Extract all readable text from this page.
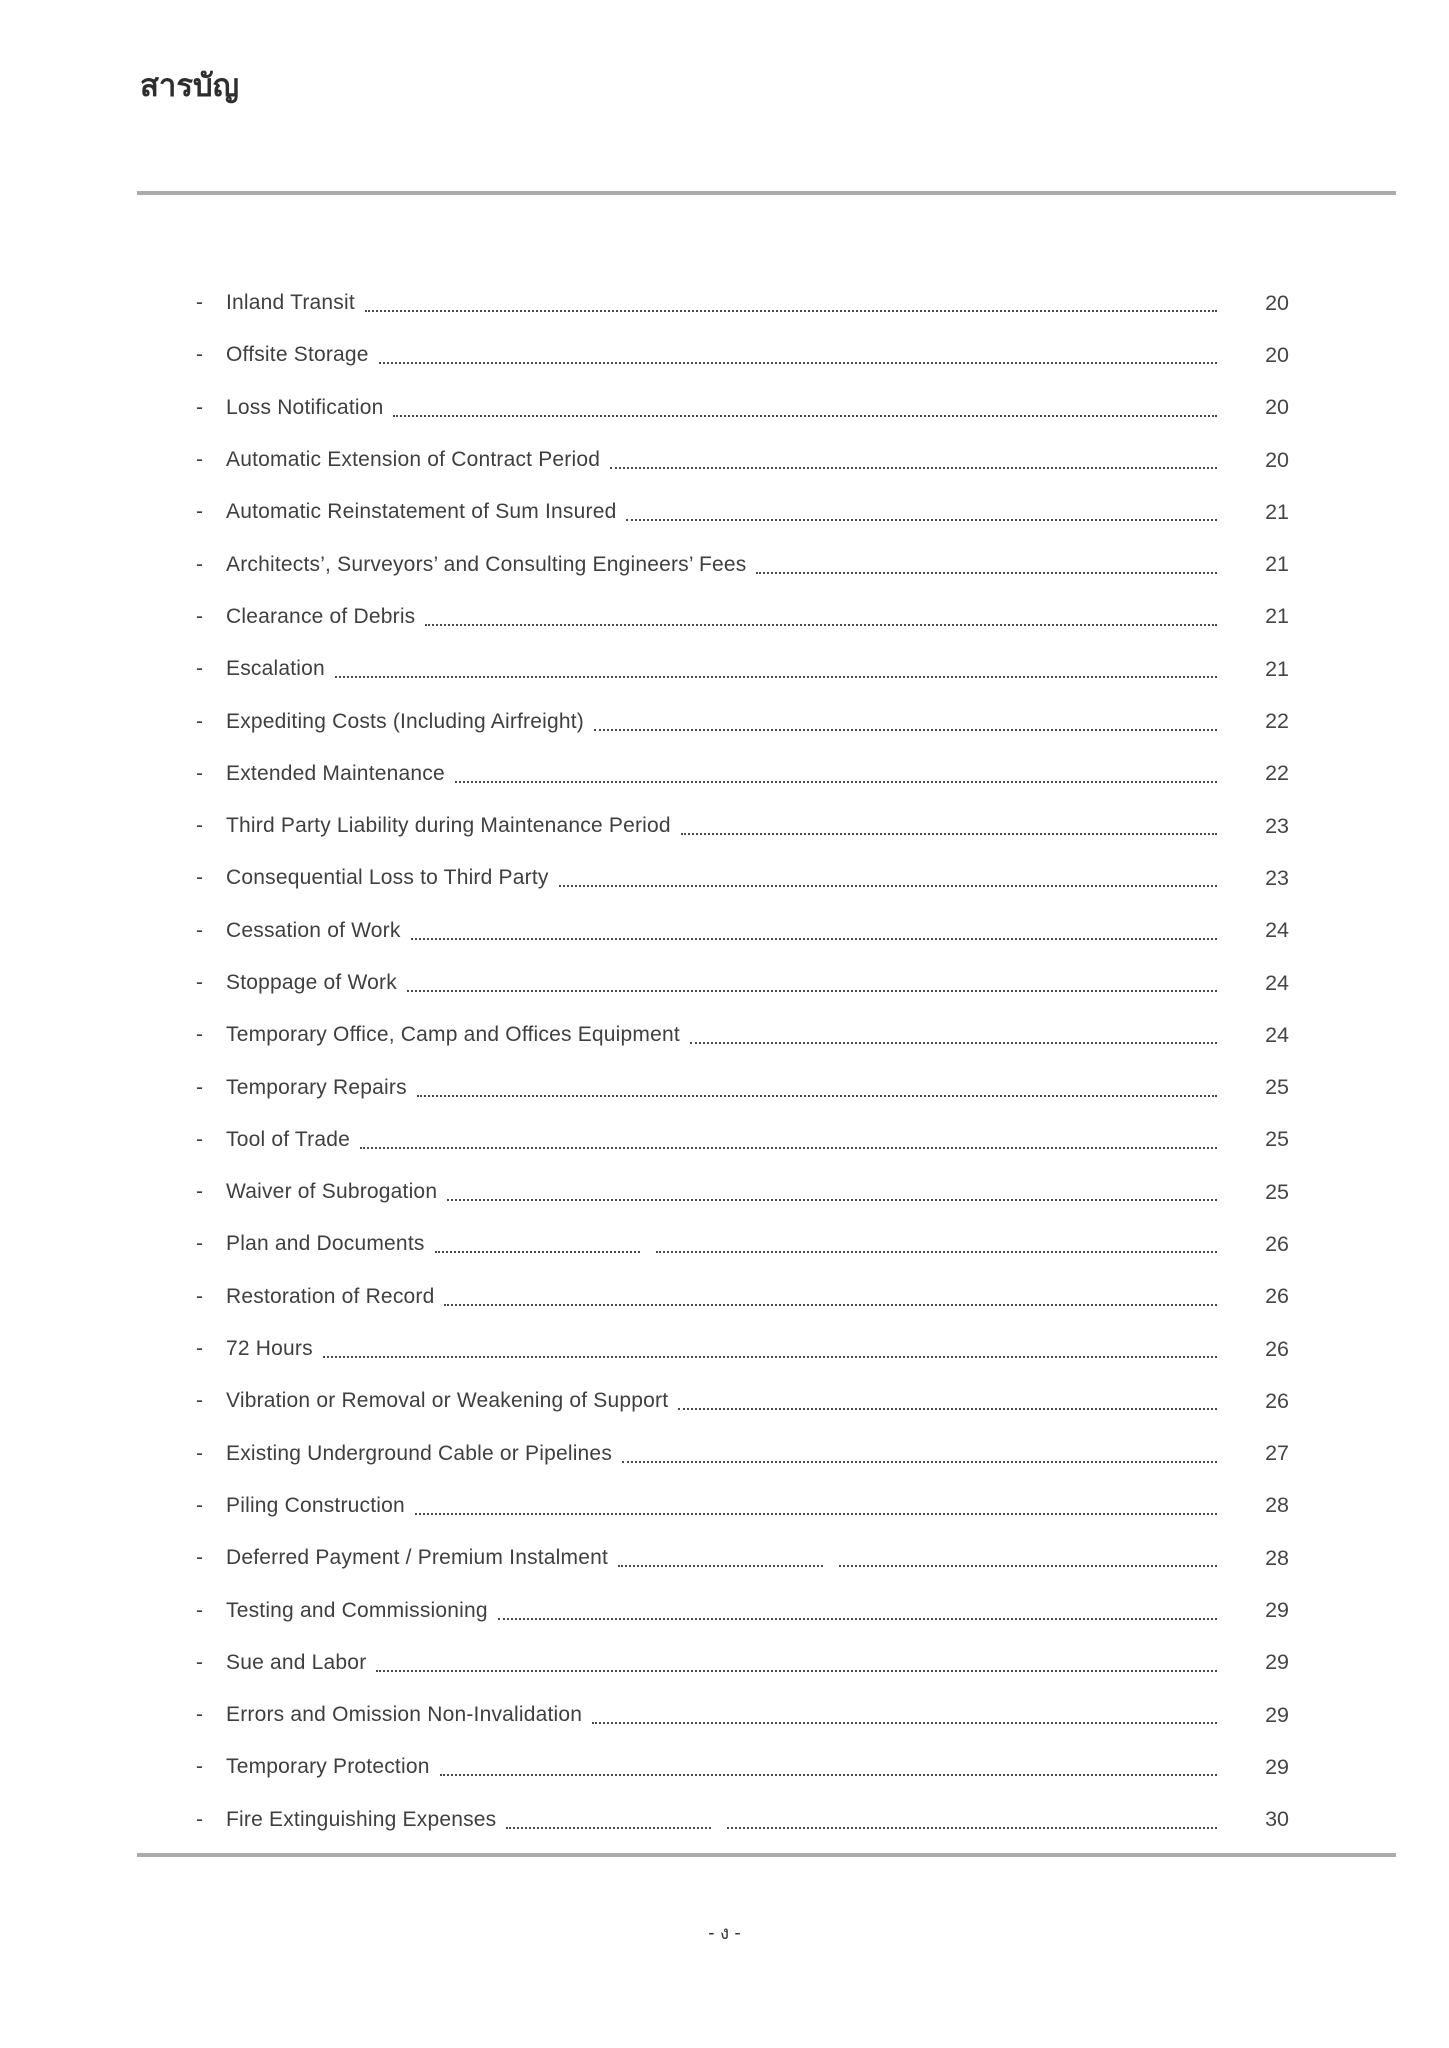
สารบัญ
-	Inland Transit	20
-	Offsite Storage	20
-	Loss Notification	20
-	Automatic Extension of Contract Period	20
-	Automatic Reinstatement of Sum Insured	21
-	Architects’, Surveyors’ and Consulting Engineers’ Fees	21
-	Clearance of Debris	21
-	Escalation	21
-	Expediting Costs (Including Airfreight)	22
-	Extended Maintenance	22
-	Third Party Liability during Maintenance Period	23
-	Consequential Loss to Third Party	23
-	Cessation of Work	24
-	Stoppage of Work	24
-	Temporary Office, Camp and Offices Equipment	24
-	Temporary Repairs	25
-	Tool of Trade	25
-	Waiver of Subrogation	25
-	Plan and Documents	26
-	Restoration of Record	26
-	72 Hours	26
-	Vibration or Removal or Weakening of Support	26
-	Existing Underground Cable or Pipelines	27
-	Piling Construction	28
-	Deferred Payment / Premium Instalment	28
-	Testing and Commissioning	29
-	Sue and Labor	29
-	Errors and Omission Non-Invalidation	29
-	Temporary Protection	29
-	Fire Extinguishing Expenses	30
- ง -
